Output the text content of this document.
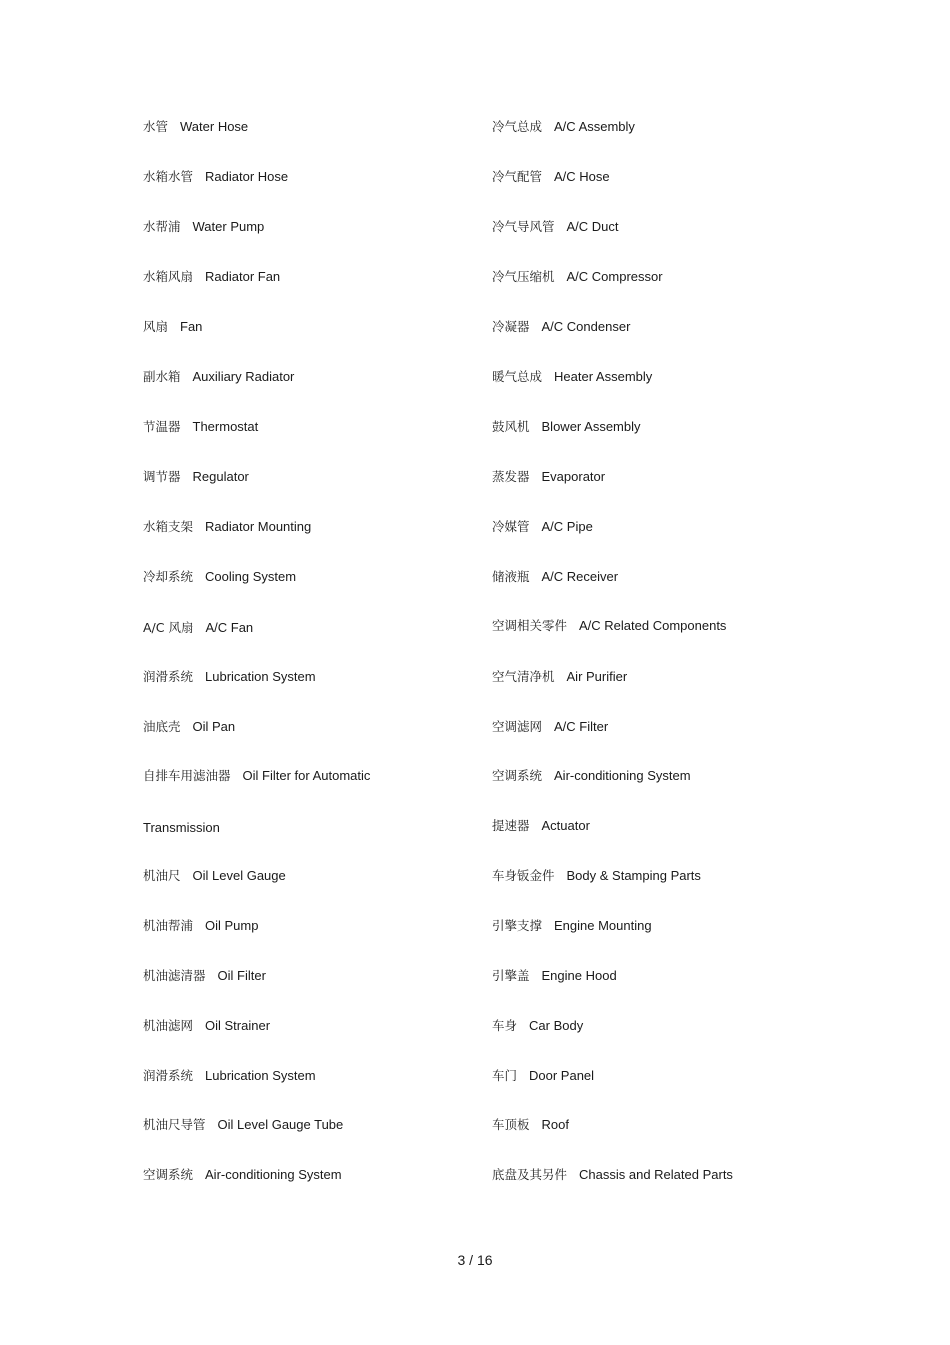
水管 Water Hose
水箱水管 Radiator Hose
水帮浦 Water Pump
水箱风扇 Radiator Fan
风扇 Fan
副水箱 Auxiliary Radiator
节温器 Thermostat
调节器 Regulator
水箱支架 Radiator Mounting
冷却系统 Cooling System
A/C 风扇 A/C Fan
润滑系统 Lubrication System
油底壳 Oil Pan
自排车用滤油器 Oil Filter for Automatic
Transmission
机油尺 Oil Level Gauge
机油帮浦 Oil Pump
机油滤清器 Oil Filter
机油滤网 Oil Strainer
润滑系统 Lubrication System
机油尺导管 Oil Level Gauge Tube
空调系统 Air-conditioning System
冷气总成 A/C Assembly
冷气配管 A/C Hose
冷气导风管 A/C Duct
冷气压缩机 A/C Compressor
冷凝器 A/C Condenser
暖气总成 Heater Assembly
鼓风机 Blower Assembly
蒸发器 Evaporator
冷媒管 A/C Pipe
储液瓶 A/C Receiver
空调相关零件 A/C Related Components
空气清净机 Air Purifier
空调滤网 A/C Filter
空调系统 Air-conditioning System
提速器 Actuator
车身钣金件 Body & Stamping Parts
引擎支撑 Engine Mounting
引擎盖 Engine Hood
车身 Car Body
车门 Door Panel
车顶板 Roof
底盘及其另件 Chassis and Related Parts
3 / 16
